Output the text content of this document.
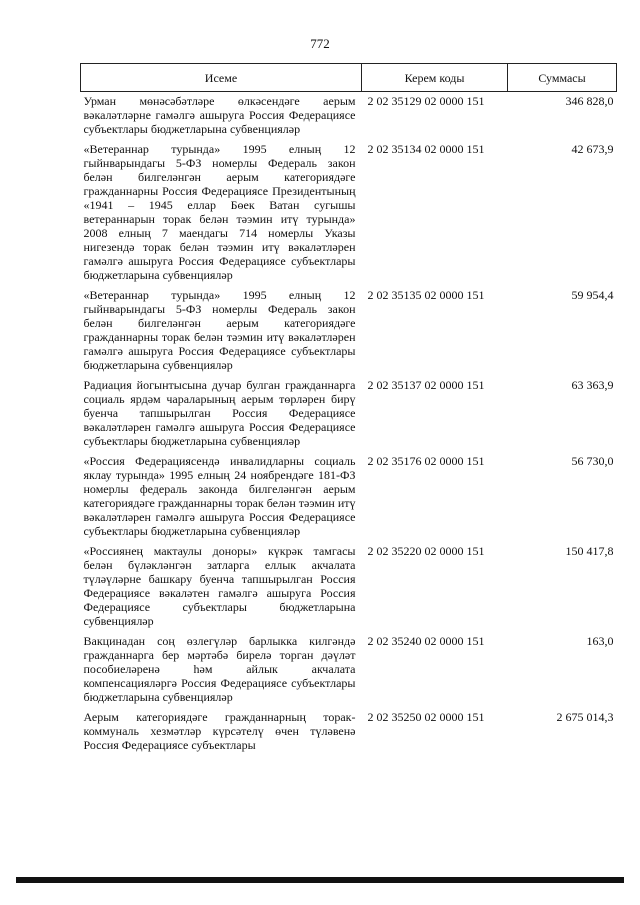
772
Исеме	Керем коды	Суммасы
Урман мөнәсәбәтләре өлкәсендәге аерым вәкаләтләрне гамәлгә ашыруга Россия Федерациясе субъектлары бюджетларына субвенцияләр	2 02 35129 02 0000 151	346 828,0
«Ветераннар турында» 1995 елның 12 гыйнварындагы 5-ФЗ номерлы Федераль закон белән билгеләнгән аерым категориядәге гражданнарны Россия Федерациясе Президентының «1941 – 1945 еллар Бөек Ватан сугышы ветераннарын торак белән тәэмин итү турында» 2008 елның 7 маендагы 714 номерлы Указы нигезендә торак белән тәэмин итү вәкаләтләрен гамәлгә ашыруга Россия Федерациясе субъектлары бюджетларына субвенцияләр	2 02 35134 02 0000 151	42 673,9
«Ветераннар турында» 1995 елның 12 гыйнварындагы 5-ФЗ номерлы Федераль закон белән билгеләнгән аерым категориядәге гражданнарны торак белән тәэмин итү вәкаләтләрен гамәлгә ашыруга Россия Федерациясе субъектлары бюджетларына субвенцияләр	2 02 35135 02 0000 151	59 954,4
Радиация йогынтысына дучар булган гражданнарга социаль ярдәм чараларының аерым төрләрен бирү буенча тапшырылган Россия Федерациясе вәкаләтләрен гамәлгә ашыруга Россия Федерациясе субъектлары бюджетларына субвенцияләр	2 02 35137 02 0000 151	63 363,9
«Россия Федерациясендә инвалидларны социаль яклау турында» 1995 елның 24 ноябрендәге 181-ФЗ номерлы федераль законда билгеләнгән аерым категориядәге гражданнарны торак белән тәэмин итү вәкаләтләрен гамәлгә ашыруга Россия Федерациясе субъектлары бюджетларына субвенцияләр	2 02 35176 02 0000 151	56 730,0
«Россиянең мактаулы доноры» күкрәк тамгасы белән бүләкләнгән затларга еллык акчалата түләүләрне башкару буенча тапшырылган Россия Федерациясе вәкаләтен гамәлгә ашыруга Россия Федерациясе субъектлары бюджетларына субвенцияләр	2 02 35220 02 0000 151	150 417,8
Вакцинадан соң өзлегүләр барлыкка килгәндә гражданнарга бер мәртәбә бирелә торган дәүләт пособиеләренә һәм айлык акчалата компенсацияләргә Россия Федерациясе субъектлары бюджетларына субвенцияләр	2 02 35240 02 0000 151	163,0
Аерым категориядәге гражданнарның торак-коммуналь хезмәтләр күрсәтелү өчен түләвенә Россия Федерациясе субъектлары	2 02 35250 02 0000 151	2 675 014,3
